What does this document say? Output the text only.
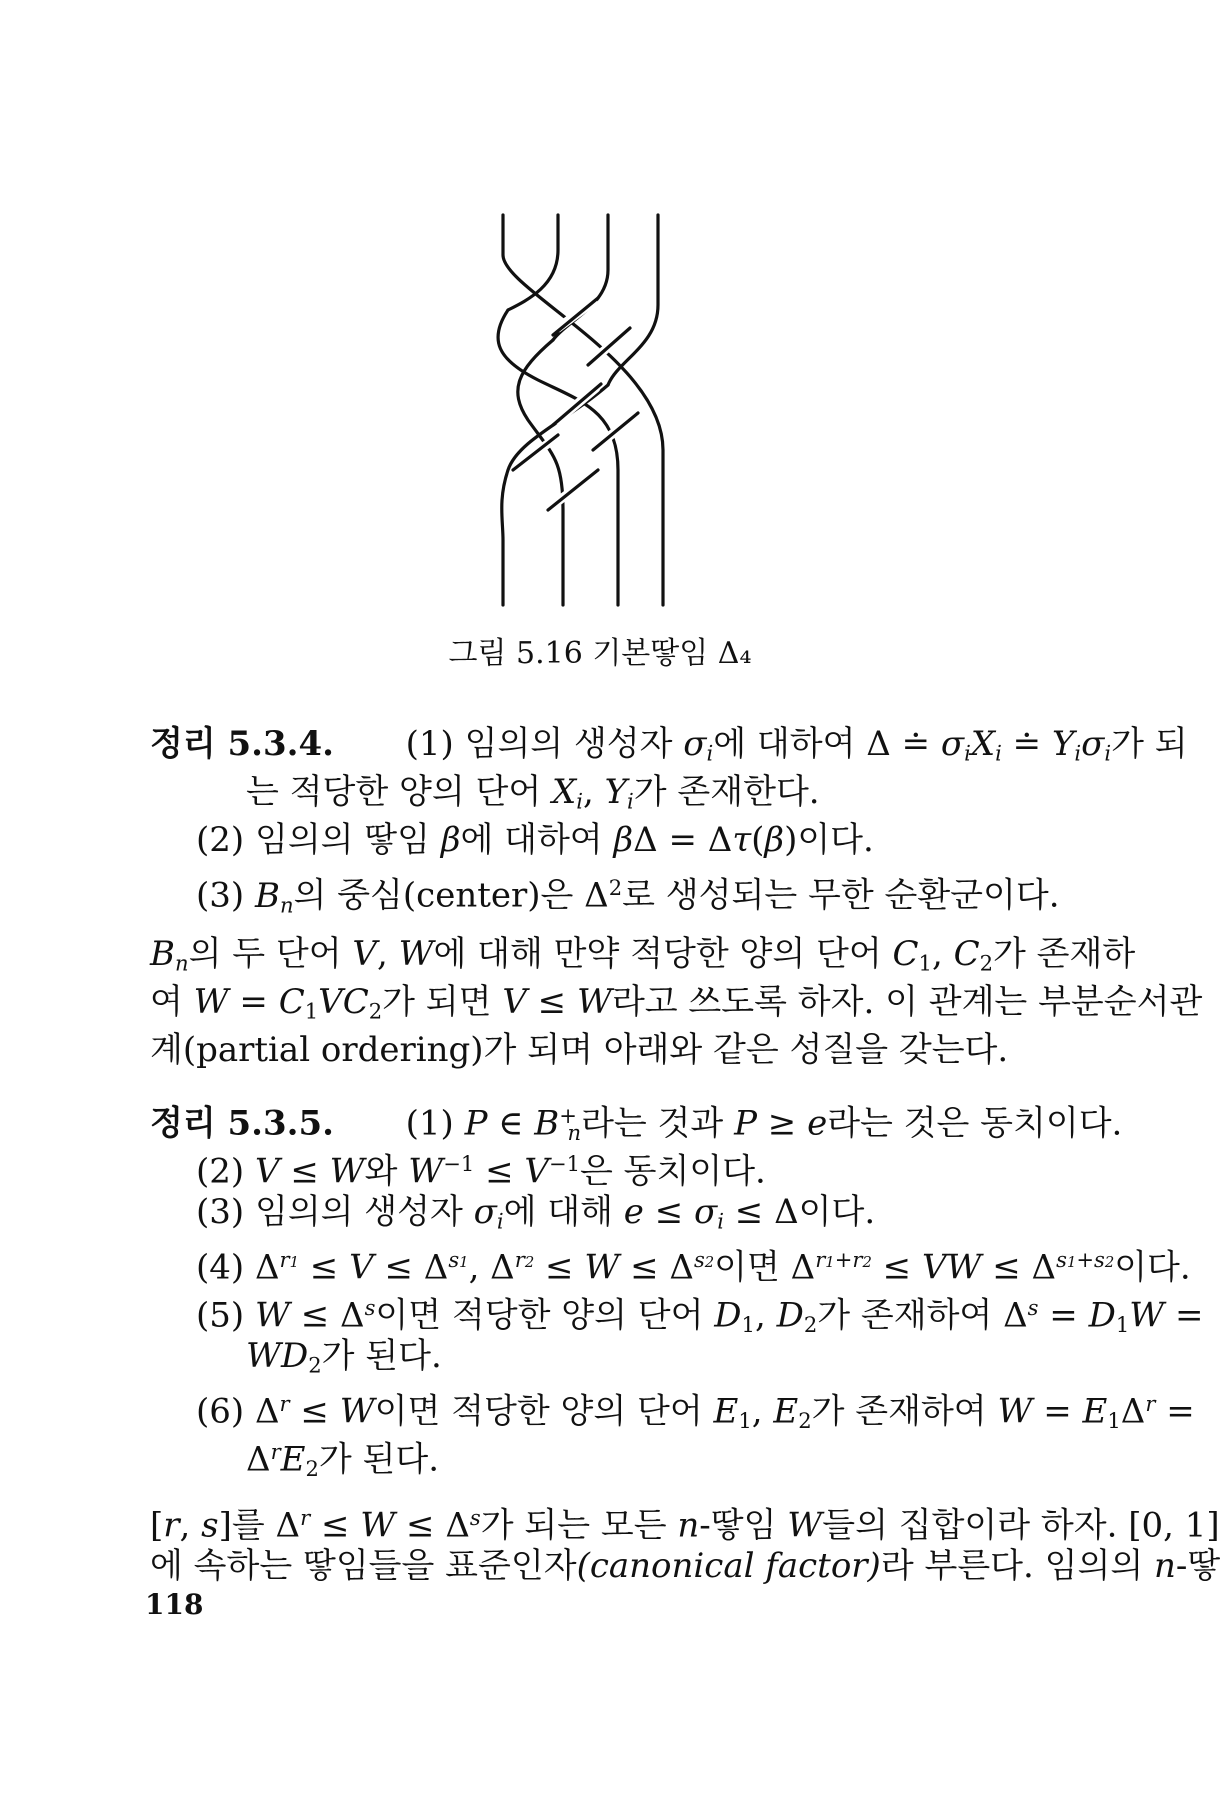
그림 5.16 기본땋임 Δ₄
정리 5.3.4. (1) 임의의 생성자 $\sigma_i$에 대하여 Δ ≐ $\sigma_iX_i$ ≐ $Y_i\sigma_i$가 되
는 적당한 양의 단어 $X_i$, $Y_i$가 존재한다.
(2) 임의의 땋임 β에 대하여 βΔ = Δτ(β)이다.
(3) $B_n$의 중심(center)은 $\Delta^2$로 생성되는 무한 순환군이다.
$B_n$의 두 단어 V, W에 대해 만약 적당한 양의 단어 $C_1$, $C_2$가 존재하
여 $W = C_1VC_2$가 되면 V ≤ W라고 쓰도록 하자. 이 관계는 부분순서관
계(partial ordering)가 되며 아래와 같은 성질을 갖는다.
정리 5.3.5. (1) P ∈ $B^+_n$라는 것과 P ≥ e라는 것은 동치이다.
(2) V ≤ W와 $W^{-1} \le V^{-1}$은 동치이다.
(3) 임의의 생성자 $\sigma_i$에 대해 $e \le \sigma_i \le \Delta$이다.
(4) $\Delta^{r1} \le V \le \Delta^{s1}$, $\Delta^{r2} \le W \le \Delta^{s2}$이면 $\Delta^{r1+r2}$ ≤ VW ≤ $\Delta^{s1+s2}$이다.
(5) $W \le \Delta^s$이면 적당한 양의 단어 $D_1$, $D_2$가 존재하여 $\Delta^s = D_1W$ =
$WD_2$가 된다.
(6) $\Delta^r \le W$이면 적당한 양의 단어 $E_1$, $E_2$가 존재하여 $W = E_1\Delta^r$ =
$\Delta^rE_2$가 된다.
[r, s]를 $\Delta^r \le W \le \Delta^s$가 되는 모든 n-땋임 W들의 집합이라 하자. [0, 1]
에 속하는 땋임들을 표준인자(canonical factor)라 부른다. 임의의 n-땋
118
